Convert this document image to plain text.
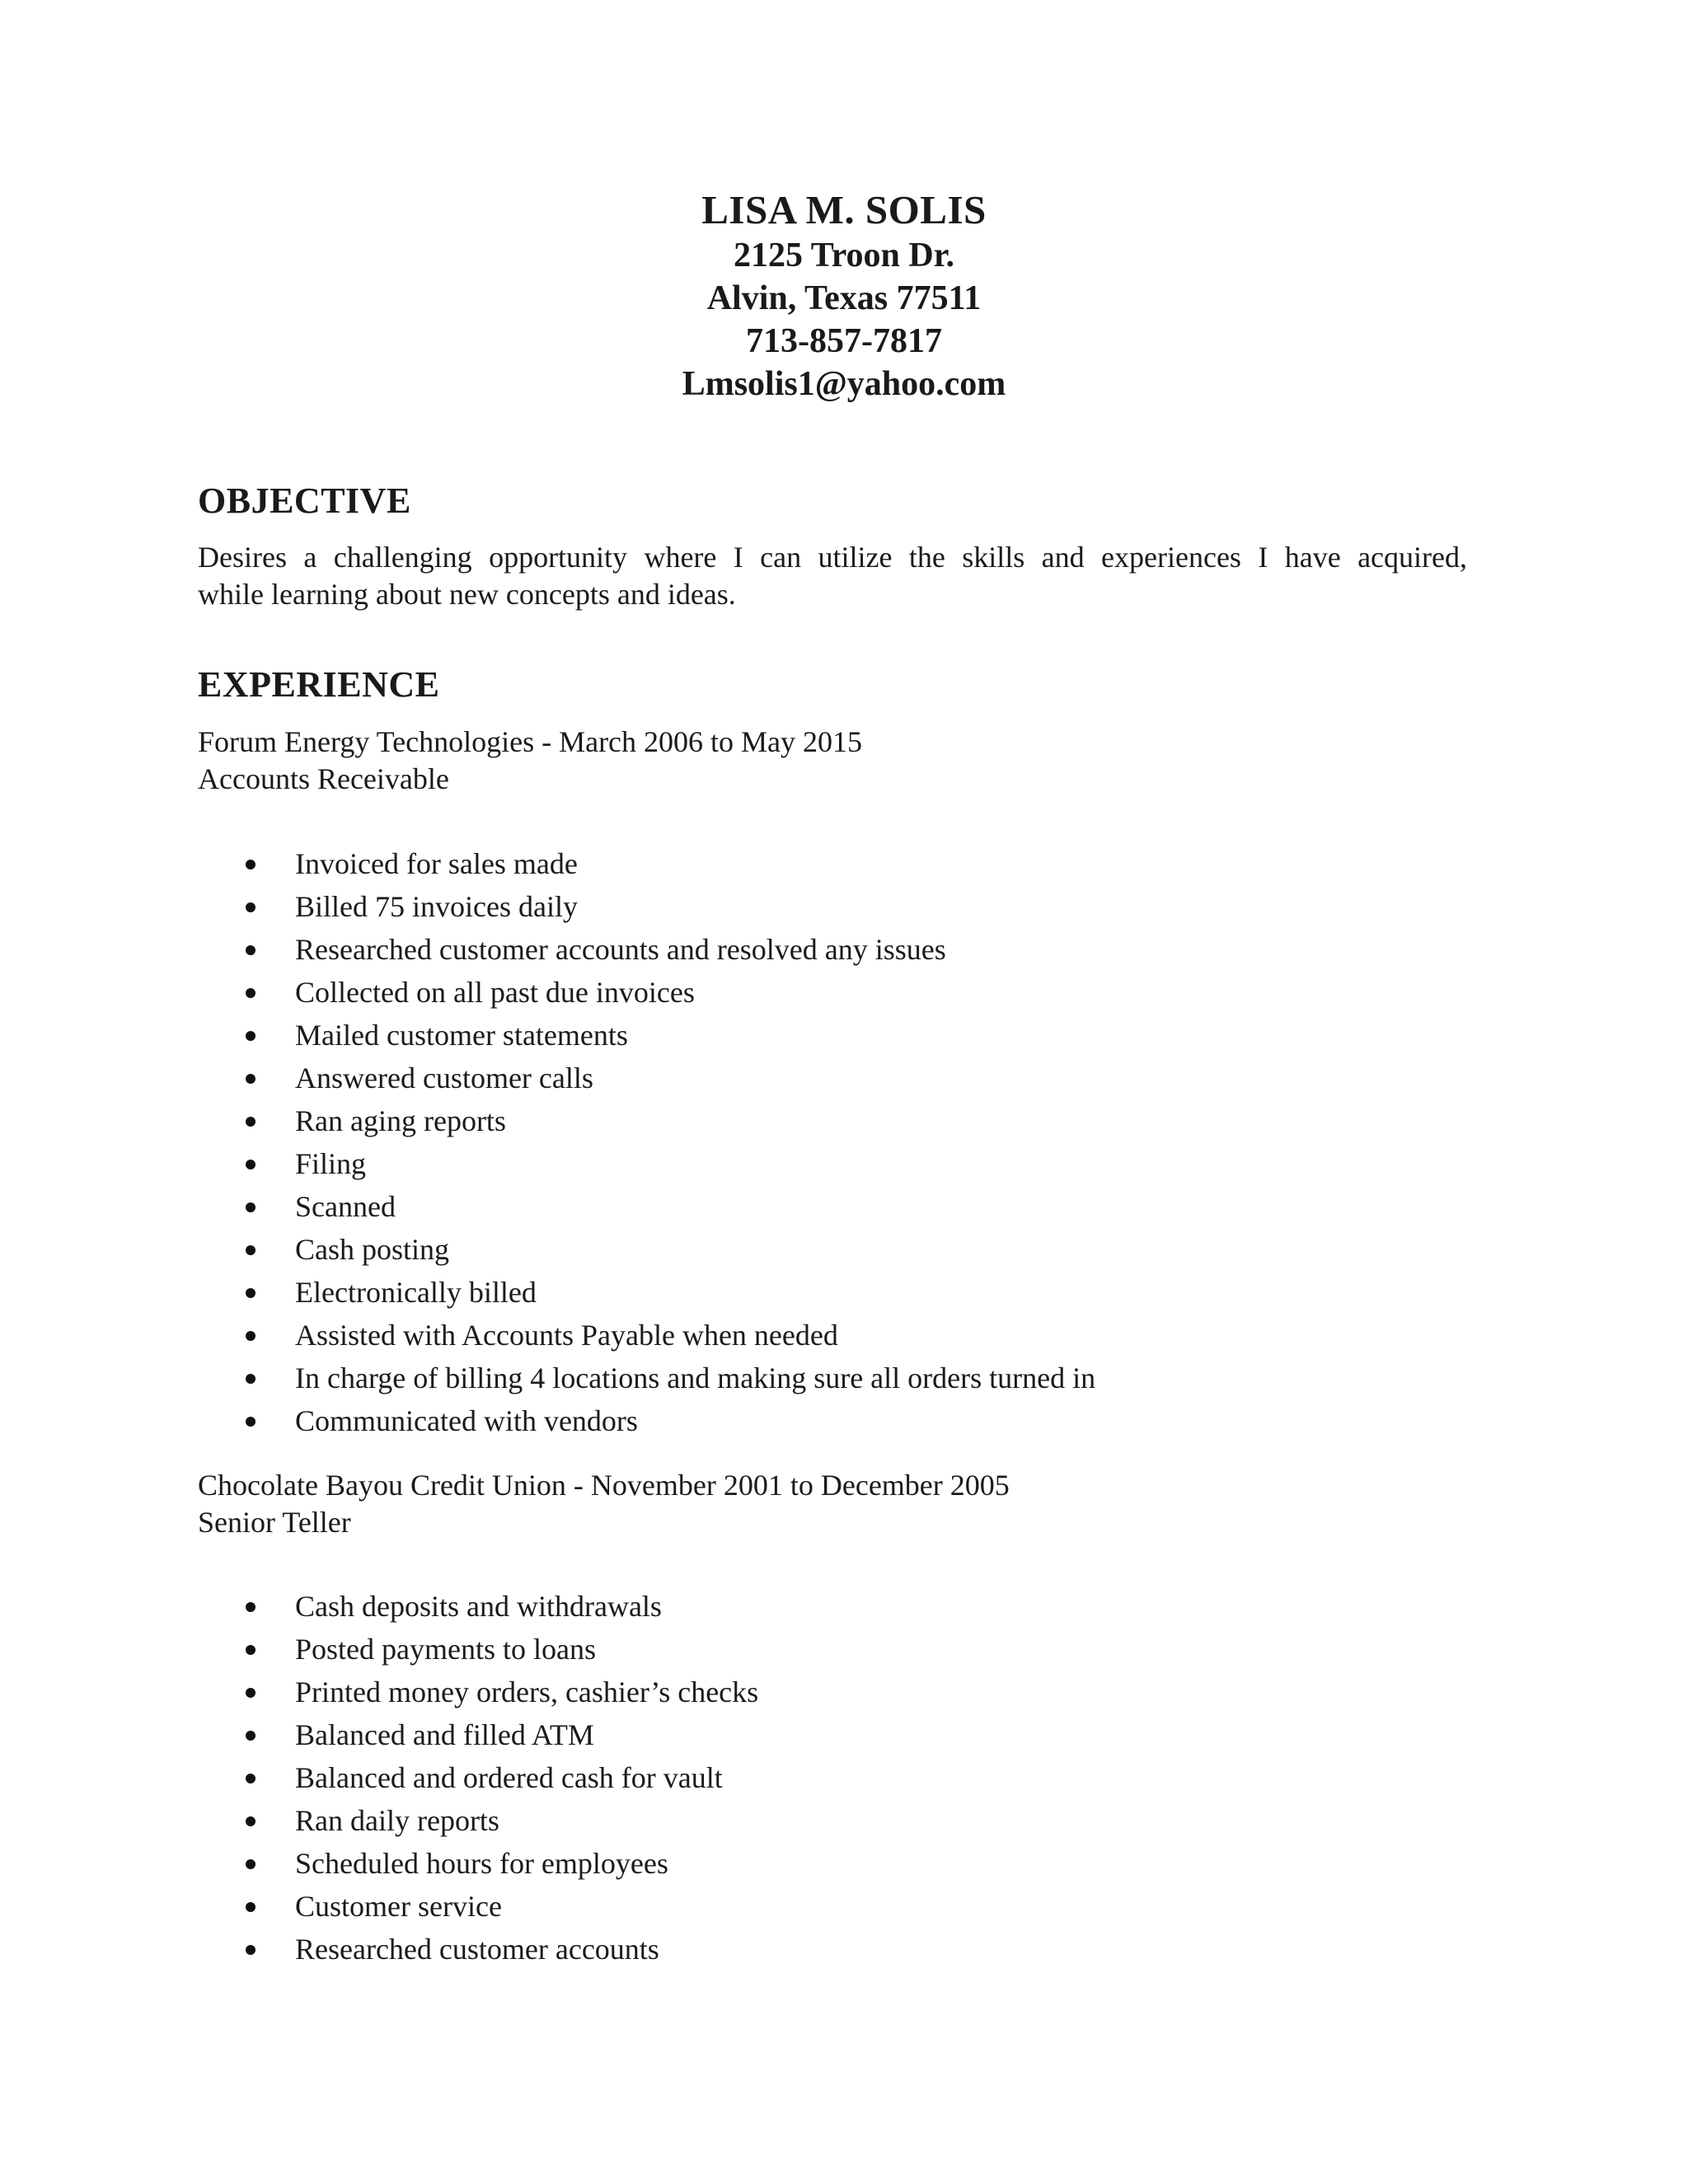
LISA M. SOLIS
2125 Troon Dr.
Alvin, Texas 77511
713-857-7817
Lmsolis1@yahoo.com
OBJECTIVE
Desires a challenging opportunity where I can utilize the skills and experiences I have acquired,
while learning about new concepts and ideas.
EXPERIENCE
Forum Energy Technologies - March 2006 to May 2015
Accounts Receivable
Invoiced for sales made
Billed 75 invoices daily
Researched customer accounts and resolved any issues
Collected on all past due invoices
Mailed customer statements
Answered customer calls
Ran aging reports
Filing
Scanned
Cash posting
Electronically billed
Assisted with Accounts Payable when needed
In charge of billing 4 locations and making sure all orders turned in
Communicated with vendors
Chocolate Bayou Credit Union - November 2001 to December 2005
Senior Teller
Cash deposits and withdrawals
Posted payments to loans
Printed money orders, cashier’s checks
Balanced and filled ATM
Balanced and ordered cash for vault
Ran daily reports
Scheduled hours for employees
Customer service
Researched customer accounts
